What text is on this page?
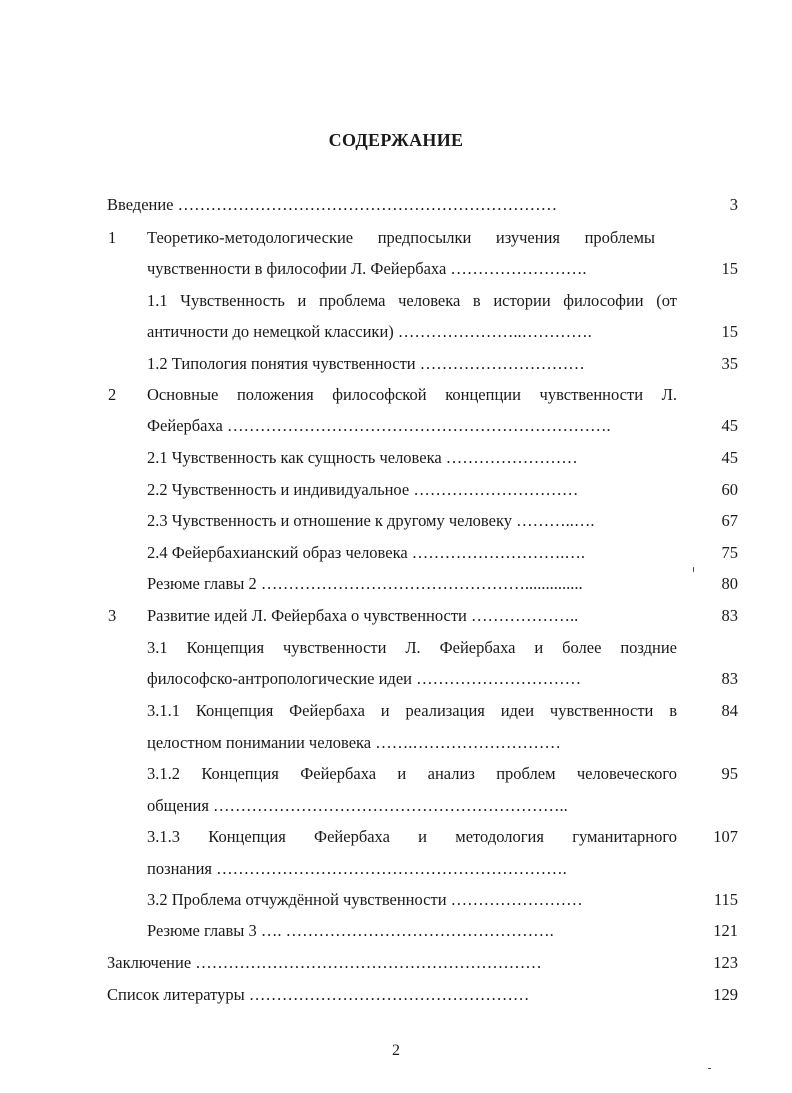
СОДЕРЖАНИЕ
Введение ……………………………………………………………	3
1 Теоретико-методологические предпосылки изучения проблемы
чувственности в философии Л. Фейербаха …………………….	15
1.1 Чувственность и проблема человека в истории философии (от
античности до немецкой классики) …………………..………….	15
1.2 Типология понятия чувственности …………………………	35
2 Основные положения философской концепции чувственности Л.
Фейербаха …………………………………………………………….	45
2.1 Чувственность как сущность человека ……………………	45
2.2 Чувственность и индивидуальное …………………………	60
2.3 Чувственность и отношение к другому человеку ………..….	67
2.4 Фейербахианский образ человека ……………………….….	75
Резюме главы 2 …………………………………………..............	80
3 Развитие идей Л. Фейербаха о чувственности ………………..	83
3.1 Концепция чувственности Л. Фейербаха и более поздние
философско-антропологические идеи …………………………	83
3.1.1 Концепция Фейербаха и реализация идеи чувственности в	84
целостном понимании человека …….………………………
3.1.2 Концепция Фейербаха и анализ проблем человеческого	95
общения ………………………………………………………..
3.1.3 Концепция Фейербаха и методология гуманитарного 107
познания ……………………………………………………….
3.2 Проблема отчуждённой чувственности ……………………	115
Резюме главы 3 …. ………………………………………….	121
Заключение ………………………………………………………	123
Список литературы ……………………………………………	129
2
